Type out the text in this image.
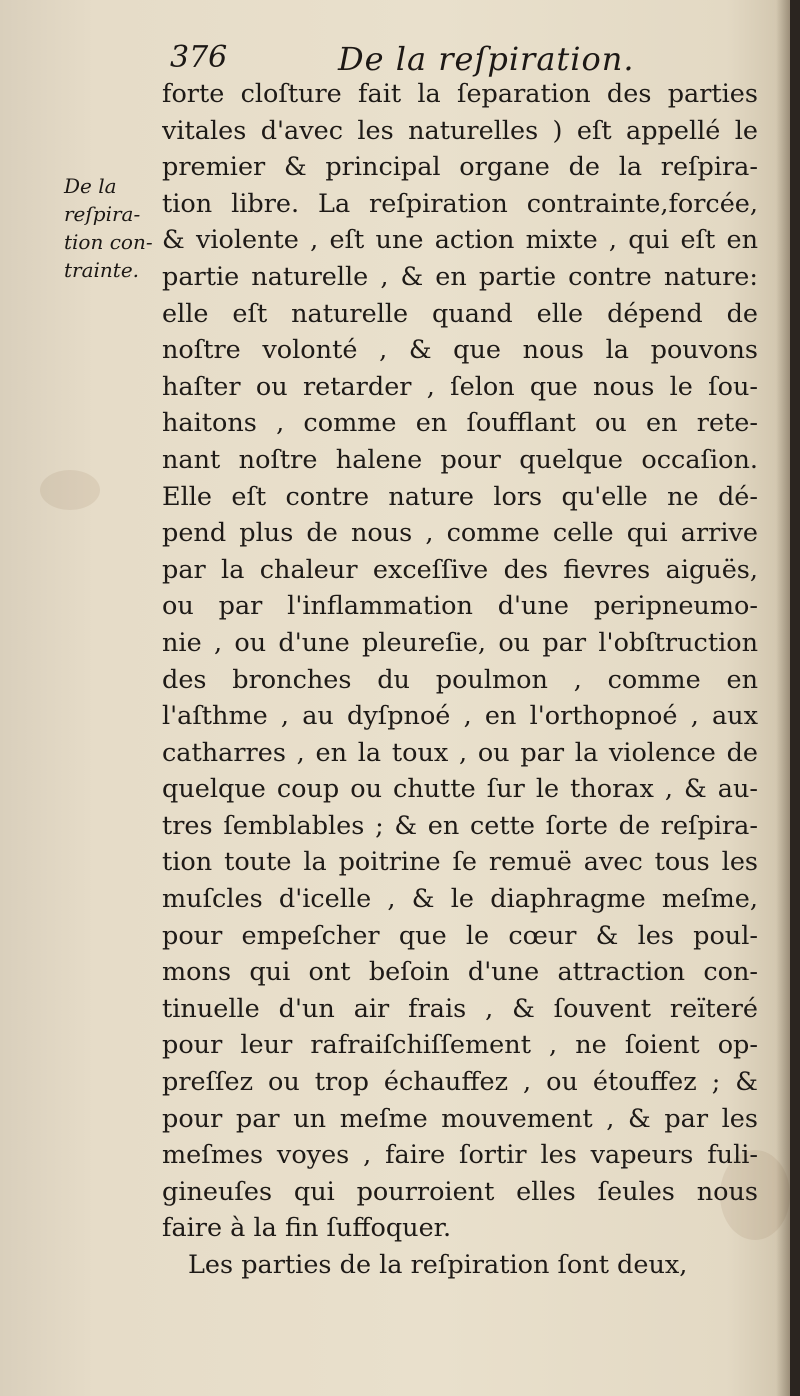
376	De la reſpiration.
De la
reſpira-
tion con-
trainte.
forte cloſture fait la ſeparation des parties
vitales d'avec les naturelles ) eſt appellé le
premier & principal organe de la reſpira-
tion libre. La reſpiration contrainte,forcée,
& violente , eſt une action mixte , qui eſt en
partie naturelle , & en partie contre nature:
elle eſt naturelle quand elle dépend de
noſtre volonté , & que nous la pouvons
haſter ou retarder , ſelon que nous le ſou-
haitons , comme en ſoufflant ou en rete-
nant noſtre halene pour quelque occaſion.
Elle eſt contre nature lors qu'elle ne dé-
pend plus de nous , comme celle qui arrive
par la chaleur exceſſive des fievres aiguës,
ou par l'inflammation d'une peripneumo-
nie , ou d'une pleureſie, ou par l'obſtruction
des bronches du poulmon , comme en
l'aſthme , au dyſpnoé , en l'orthopnoé , aux
catharres , en la toux , ou par la violence de
quelque coup ou chutte ſur le thorax , & au-
tres ſemblables ; & en cette ſorte de reſpira-
tion toute la poitrine ſe remuë avec tous les
muſcles d'icelle , & le diaphragme meſme,
pour empeſcher que le cœur & les poul-
mons qui ont beſoin d'une attraction con-
tinuelle d'un air frais , & ſouvent reïteré
pour leur rafraiſchiſſement , ne ſoient op-
preſſez ou trop échauffez , ou étouffez ; &
pour par un meſme mouvement , & par les
meſmes voyes , faire ſortir les vapeurs fuli-
gineuſes qui pourroient elles ſeules nous
faire à la fin ſuffoquer.
Les parties de la reſpiration ſont deux,
